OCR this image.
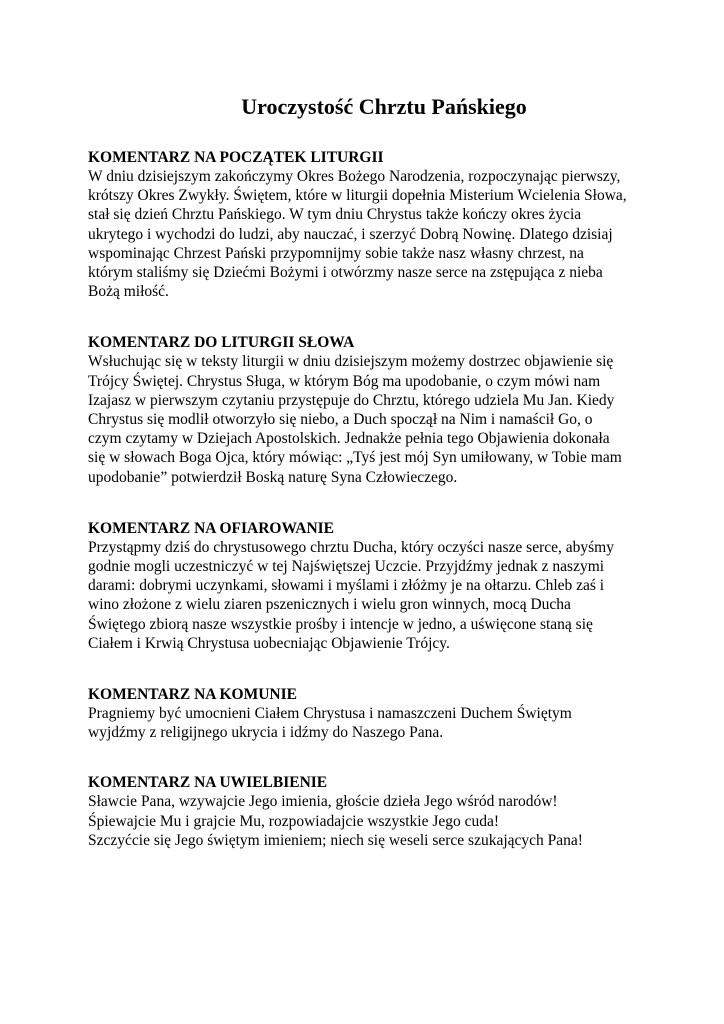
Uroczystość Chrztu Pańskiego
KOMENTARZ NA POCZĄTEK LITURGII

W dniu dzisiejszym zakończymy Okres Bożego Narodzenia, rozpoczynając pierwszy,
krótszy Okres Zwykły. Świętem, które w liturgii dopełnia Misterium Wcielenia Słowa,
stał się dzień Chrztu Pańskiego. W tym dniu Chrystus także kończy okres życia
ukrytego i wychodzi do ludzi, aby nauczać, i szerzyć Dobrą Nowinę. Dlatego dzisiaj
wspominając Chrzest Pański przypomnijmy sobie także nasz własny chrzest, na
którym staliśmy się Dziećmi Bożymi i otwórzmy nasze serce na zstępująca z nieba
Bożą miłość.

KOMENTARZ DO LITURGII SŁOWA

Wsłuchując się w teksty liturgii w dniu dzisiejszym możemy dostrzec objawienie się
Trójcy Świętej. Chrystus Sługa, w którym Bóg ma upodobanie, o czym mówi nam
Izajasz w pierwszym czytaniu przystępuje do Chrztu, którego udziela Mu Jan. Kiedy
Chrystus się modlił otworzyło się niebo, a Duch spoczął na Nim i namaścił Go, o
czym czytamy w Dziejach Apostolskich. Jednakże pełnia tego Objawienia dokonała
się w słowach Boga Ojca, który mówiąc: „Tyś jest mój Syn umiłowany, w Tobie mam
upodobanie” potwierdził Boską naturę Syna Człowieczego.

KOMENTARZ NA OFIAROWANIE

Przystąpmy dziś do chrystusowego chrztu Ducha, który oczyści nasze serce, abyśmy
godnie mogli uczestniczyć w tej Najświętszej Uczcie. Przyjdźmy jednak z naszymi
darami: dobrymi uczynkami, słowami i myślami i złóżmy je na ołtarzu. Chleb zaś i
wino złożone z wielu ziaren pszenicznych i wielu gron winnych, mocą Ducha
Świętego zbiorą nasze wszystkie prośby i intencje w jedno, a uświęcone staną się
Ciałem i Krwią Chrystusa uobecniając Objawienie Trójcy.

KOMENTARZ NA KOMUNIE

Pragniemy być umocnieni Ciałem Chrystusa i namaszczeni Duchem Świętym
wyjdźmy z religijnego ukrycia i idźmy do Naszego Pana.

KOMENTARZ NA UWIELBIENIE

Sławcie Pana, wzywajcie Jego imienia, głoście dzieła Jego wśród narodów!
Śpiewajcie Mu i grajcie Mu, rozpowiadajcie wszystkie Jego cuda!
Szczyćcie się Jego świętym imieniem; niech się weseli serce szukających Pana!
